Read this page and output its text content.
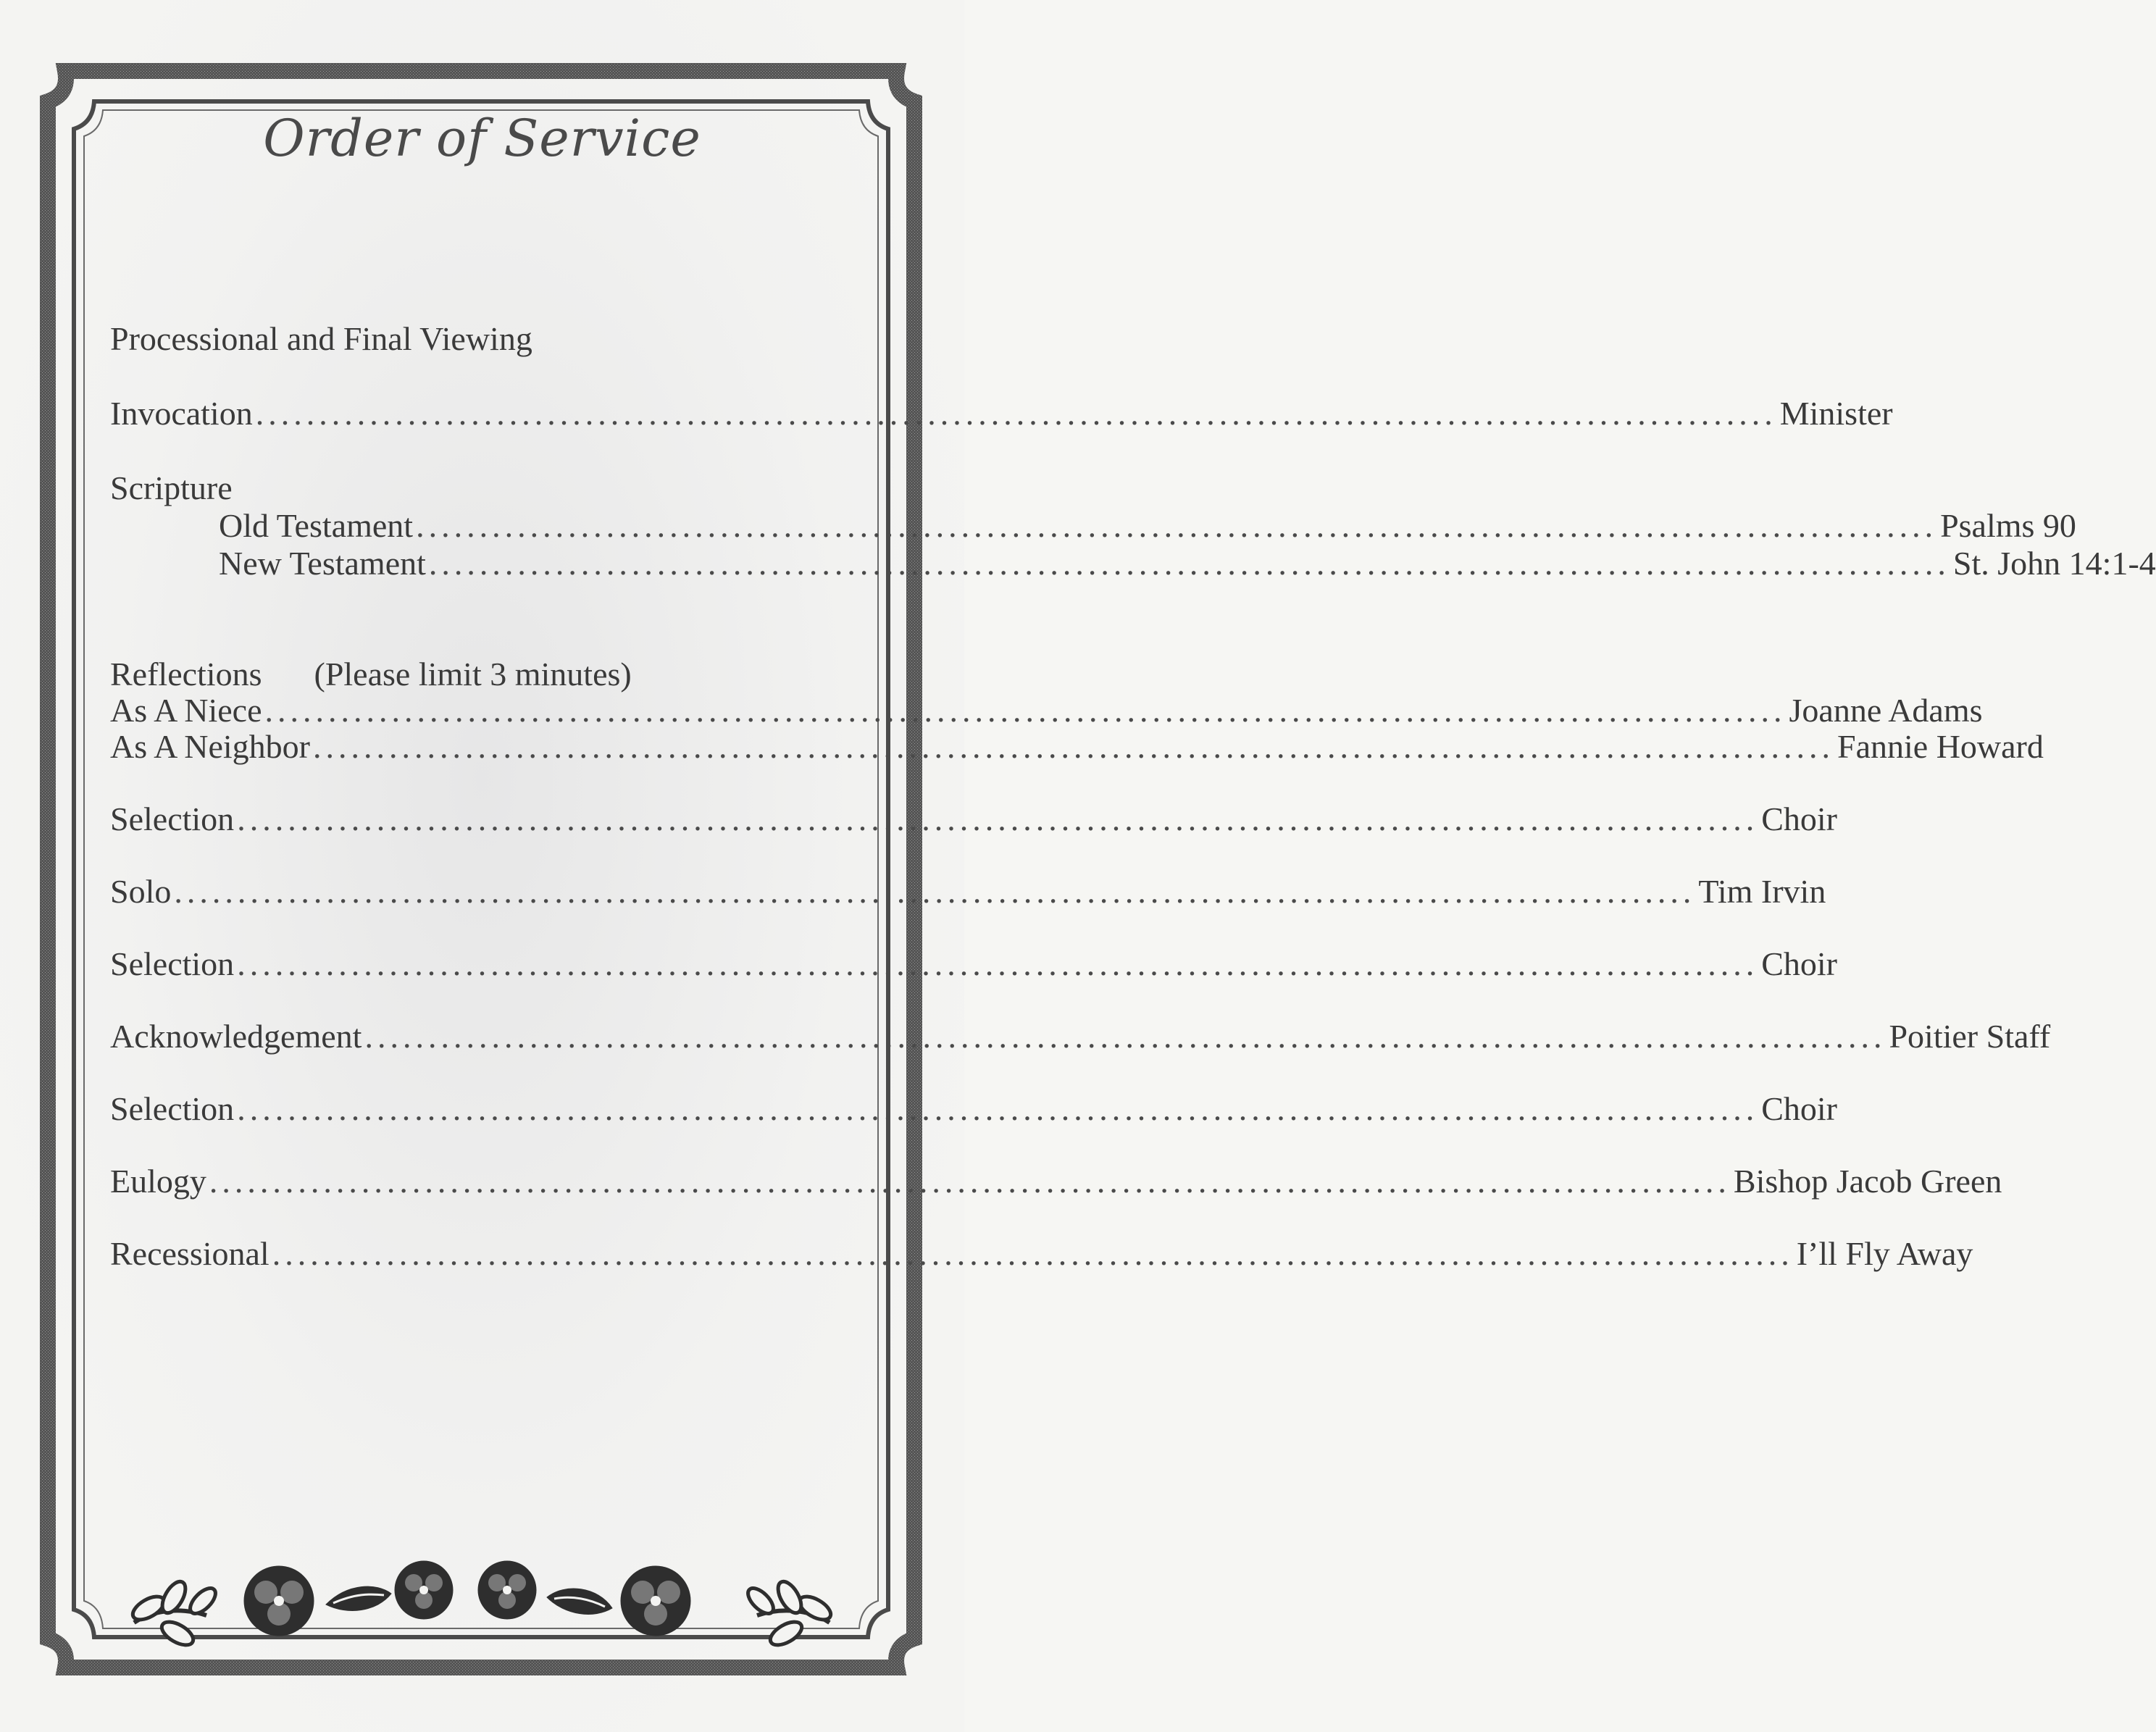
Order of Service
Processional and Final Viewing
Invocation ........................................................................................................................ Minister
Scripture
Old Testament ........................................................................................................................ Psalms 90
New Testament ........................................................................................................................ St. John 14:1-4
Reflections (Please limit 3 minutes)
As A Niece ........................................................................................................................ Joanne Adams
As A Neighbor ........................................................................................................................ Fannie Howard
Selection ........................................................................................................................ Choir
Solo ........................................................................................................................ Tim Irvin
Selection ........................................................................................................................ Choir
Acknowledgement ........................................................................................................................ Poitier Staff
Selection ........................................................................................................................ Choir
Eulogy ........................................................................................................................ Bishop Jacob Green
Recessional ........................................................................................................................ I’ll Fly Away
